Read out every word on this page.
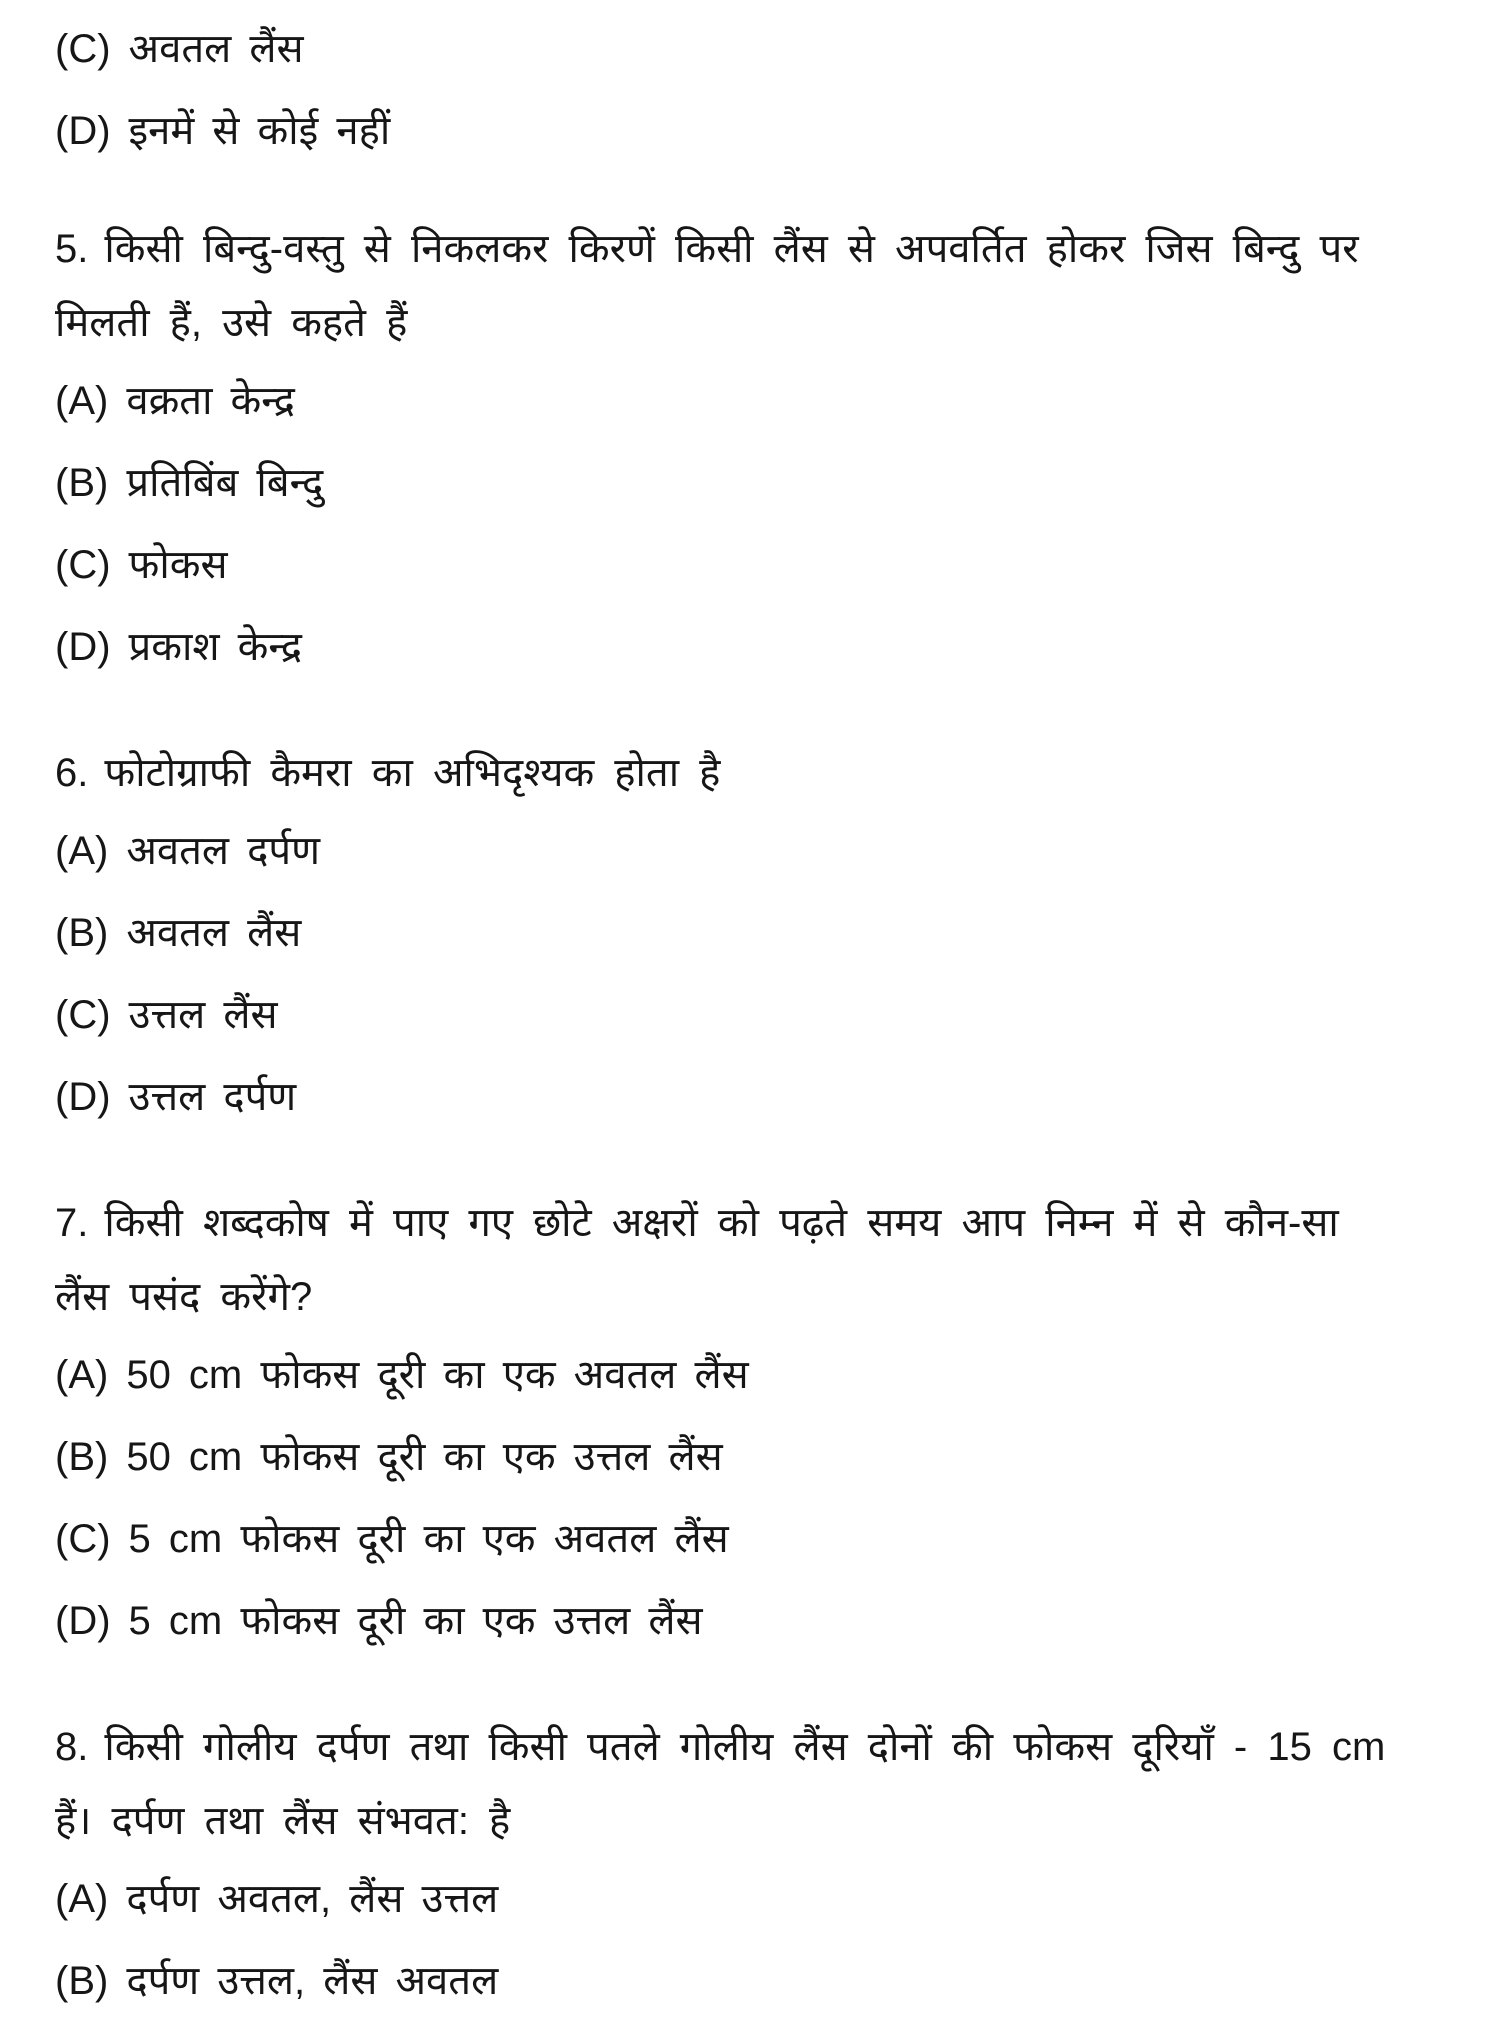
(C) अवतल लैंस
(D) इनमें से कोई नहीं
5. किसी बिन्दु-वस्तु से निकलकर किरणें किसी लैंस से अपवर्तित होकर जिस बिन्दु पर
मिलती हैं, उसे कहते हैं
(A) वक्रता केन्द्र
(B) प्रतिबिंब बिन्दु
(C) फोकस
(D) प्रकाश केन्द्र
6. फोटोग्राफी कैमरा का अभिदृश्यक होता है
(A) अवतल दर्पण
(B) अवतल लैंस
(C) उत्तल लैंस
(D) उत्तल दर्पण
7. किसी शब्दकोष में पाए गए छोटे अक्षरों को पढ़ते समय आप निम्न में से कौन-सा
लैंस पसंद करेंगे?
(A) 50 cm फोकस दूरी का एक अवतल लैंस
(B) 50 cm फोकस दूरी का एक उत्तल लैंस
(C) 5 cm फोकस दूरी का एक अवतल लैंस
(D) 5 cm फोकस दूरी का एक उत्तल लैंस
8. किसी गोलीय दर्पण तथा किसी पतले गोलीय लैंस दोनों की फोकस दूरियाँ - 15 cm
हैं। दर्पण तथा लैंस संभवत: है
(A) दर्पण अवतल, लैंस उत्तल
(B) दर्पण उत्तल, लैंस अवतल
